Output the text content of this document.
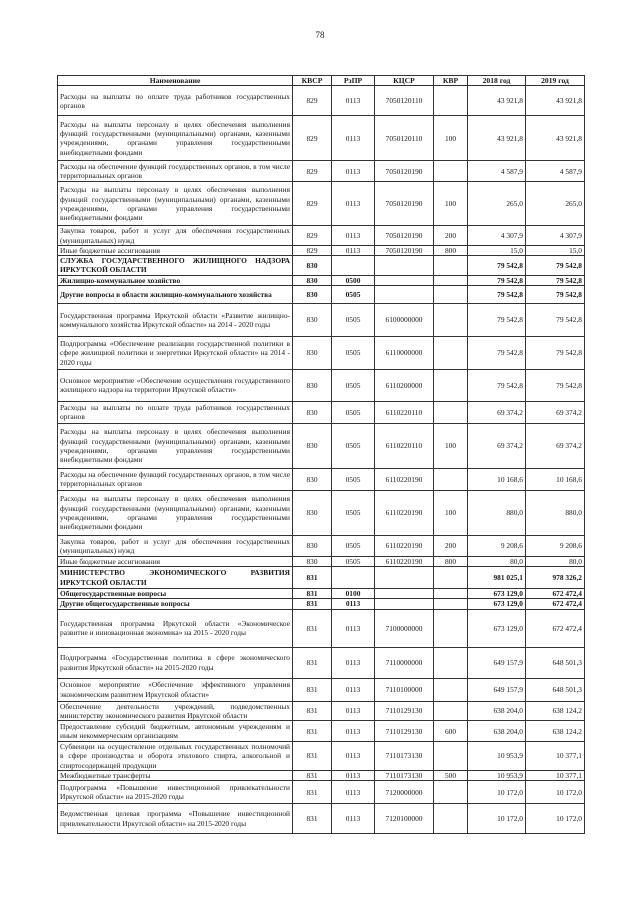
78
Наименование	КВСР	РзПР	КЦСР	КВР	2018 год	2019 год
Расходы на выплаты по оплате труда работников государственных органов	829	0113	7050120110		43 921,8	43 921,8
Расходы на выплаты персоналу в целях обеспечения выполнения функций государственными (муниципальными) органами, казенными учреждениями, органами управления государственными внебюджетными фондами	829	0113	7050120110	100	43 921,8	43 921,8
Расходы на обеспечение функций государственных органов, в том числе территориальных органов	829	0113	7050120190		4 587,9	4 587,9
Расходы на выплаты персоналу в целях обеспечения выполнения функций государственными (муниципальными) органами, казенными учреждениями, органами управления государственными внебюджетными фондами	829	0113	7050120190	100	265,0	265,0
Закупка товаров, работ и услуг для обеспечения государственных (муниципальных) нужд	829	0113	7050120190	200	4 307,9	4 307,9
Иные бюджетные ассигнования	829	0113	7050120190	800	15,0	15,0
СЛУЖБА ГОСУДАРСТВЕННОГО ЖИЛИЩНОГО НАДЗОРА ИРКУТСКОЙ ОБЛАСТИ	830				79 542,8	79 542,8
Жилищно-коммунальное хозяйство	830	0500			79 542,8	79 542,8
Другие вопросы в области жилищно-коммунального хозяйства	830	0505			79 542,8	79 542,8
Государственная программа Иркутской области «Развитие жилищно-коммунального хозяйства Иркутской области» на 2014 - 2020 годы	830	0505	6100000000		79 542,8	79 542,8
Подпрограмма «Обеспечение реализации государственной политики в сфере жилищной политики и энергетики Иркутской области» на 2014 - 2020 годы	830	0505	6110000000		79 542,8	79 542,8
Основное мероприятие «Обеспечение осуществления государственного жилищного надзора на территории Иркутской области»	830	0505	6110200000		79 542,8	79 542,8
Расходы на выплаты по оплате труда работников государственных органов	830	0505	6110220110		69 374,2	69 374,2
Расходы на выплаты персоналу в целях обеспечения выполнения функций государственными (муниципальными) органами, казенными учреждениями, органами управления государственными внебюджетными фондами	830	0505	6110220110	100	69 374,2	69 374,2
Расходы на обеспечение функций государственных органов, в том числе территориальных органов	830	0505	6110220190		10 168,6	10 168,6
Расходы на выплаты персоналу в целях обеспечения выполнения функций государственными (муниципальными) органами, казенными учреждениями, органами управления государственными внебюджетными фондами	830	0505	6110220190	100	880,0	880,0
Закупка товаров, работ и услуг для обеспечения государственных (муниципальных) нужд	830	0505	6110220190	200	9 208,6	9 208,6
Иные бюджетные ассигнования	830	0505	6110220190	800	80,0	80,0
МИНИСТЕРСТВО ЭКОНОМИЧЕСКОГО РАЗВИТИЯ ИРКУТСКОЙ ОБЛАСТИ	831				981 025,1	978 326,2
Общегосударственные вопросы	831	0100			673 129,0	672 472,4
Другие общегосударственные вопросы	831	0113			673 129,0	672 472,4
Государственная программа Иркутской области «Экономическое развитие и инновационная экономика» на 2015 - 2020 годы	831	0113	7100000000		673 129,0	672 472,4
Подпрограмма «Государственная политика в сфере экономического развития Иркутской области» на 2015-2020 годы	831	0113	7110000000		649 157,9	648 501,3
Основное мероприятие «Обеспечение эффективного управления экономическим развитием Иркутской области»	831	0113	7110100000		649 157,9	648 501,3
Обеспечение деятельности учреждений, подведомственных министерству экономического развития Иркутской области	831	0113	7110129130		638 204,0	638 124,2
Предоставление субсидий бюджетным, автономным учреждениям и иным некоммерческим организациям	831	0113	7110129130	600	638 204,0	638 124,2
Субвенции на осуществление отдельных государственных полномочий в сфере производства и оборота этилового спирта, алкогольной и спиртосодержащей продукции	831	0113	7110173130		10 953,9	10 377,1
Межбюджетные трансферты	831	0113	7110173130	500	10 953,9	10 377,1
Подпрограмма «Повышение инвестиционной привлекательности Иркутской области» на 2015-2020 годы	831	0113	7120000000		10 172,0	10 172,0
Ведомственная целевая программа «Повышение инвестиционной привлекательности Иркутской области» на 2015-2020 годы	831	0113	7120100000		10 172,0	10 172,0
